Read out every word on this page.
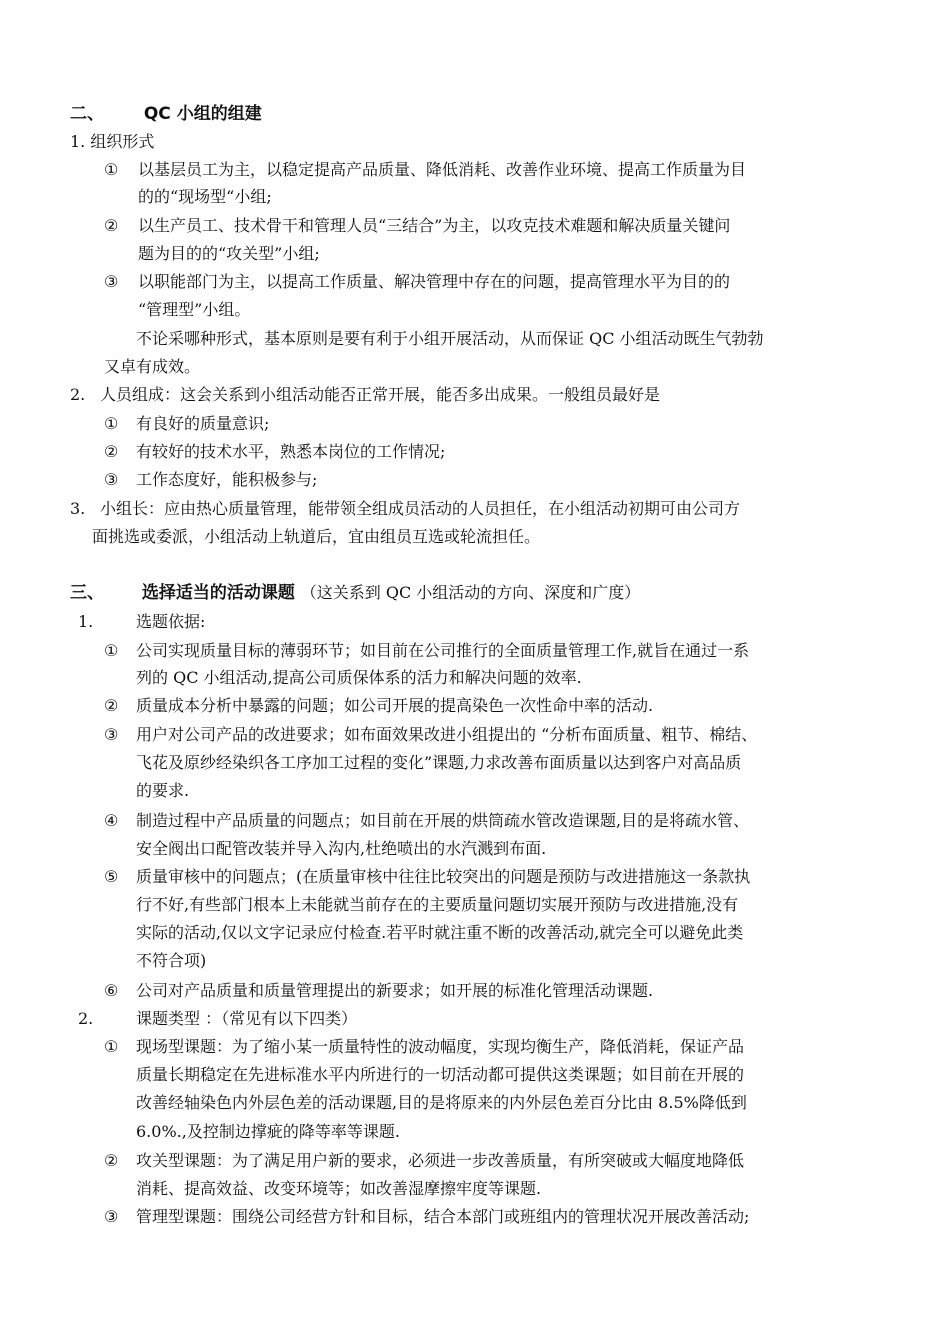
二、 QC 小组的组建
1. 组织形式
① 以基层员工为主，以稳定提高产品质量、降低消耗、改善作业环境、提高工作质量为目
的的“现场型“小组;
② 以生产员工、技术骨干和管理人员“三结合”为主，以攻克技术难题和解决质量关键问
题为目的的“攻关型”小组;
③ 以职能部门为主，以提高工作质量、解决管理中存在的问题，提高管理水平为目的的
“管理型”小组。
不论采哪种形式，基本原则是要有利于小组开展活动，从而保证 QC 小组活动既生气勃勃
又卓有成效。
2. 人员组成：这会关系到小组活动能否正常开展，能否多出成果。一般组员最好是
① 有良好的质量意识;
② 有较好的技术水平，熟悉本岗位的工作情况;
③ 工作态度好，能积极参与;
3. 小组长：应由热心质量管理，能带领全组成员活动的人员担任，在小组活动初期可由公司方
面挑选或委派，小组活动上轨道后，宜由组员互选或轮流担任。
三、 选择适当的活动课题 （这关系到 QC 小组活动的方向、深度和广度）
1.	选题依据:
① 公司实现质量目标的薄弱环节；如目前在公司推行的全面质量管理工作,就旨在通过一系
列的 QC 小组活动,提高公司质保体系的活力和解决问题的效率.
② 质量成本分析中暴露的问题；如公司开展的提高染色一次性命中率的活动.
③ 用户对公司产品的改进要求；如布面效果改进小组提出的 “分析布面质量、粗节、棉结、
飞花及原纱经染织各工序加工过程的变化”课题,力求改善布面质量以达到客户对高品质
的要求.
④ 制造过程中产品质量的问题点；如目前在开展的烘筒疏水管改造课题,目的是将疏水管、
安全阀出口配管改装并导入沟内,杜绝喷出的水汽溅到布面.
⑤ 质量审核中的问题点；(在质量审核中往往比较突出的问题是预防与改进措施这一条款执
行不好,有些部门根本上未能就当前存在的主要质量问题切实展开预防与改进措施,没有
实际的活动,仅以文字记录应付检查.若平时就注重不断的改善活动,就完全可以避免此类
不符合项)
⑥ 公司对产品质量和质量管理提出的新要求；如开展的标准化管理活动课题.
2.	课题类型 ：（常见有以下四类）
① 现场型课题：为了缩小某一质量特性的波动幅度，实现均衡生产，降低消耗，保证产品
质量长期稳定在先进标准水平内所进行的一切活动都可提供这类课题；如目前在开展的
改善经轴染色内外层色差的活动课题,目的是将原来的内外层色差百分比由 8.5%降低到
6.0%.,及控制边撑疵的降等率等课题.
② 攻关型课题：为了满足用户新的要求，必须进一步改善质量，有所突破或大幅度地降低
消耗、提高效益、改变环境等；如改善湿摩擦牢度等课题.
③ 管理型课题：围绕公司经营方针和目标，结合本部门或班组内的管理状况开展改善活动;
